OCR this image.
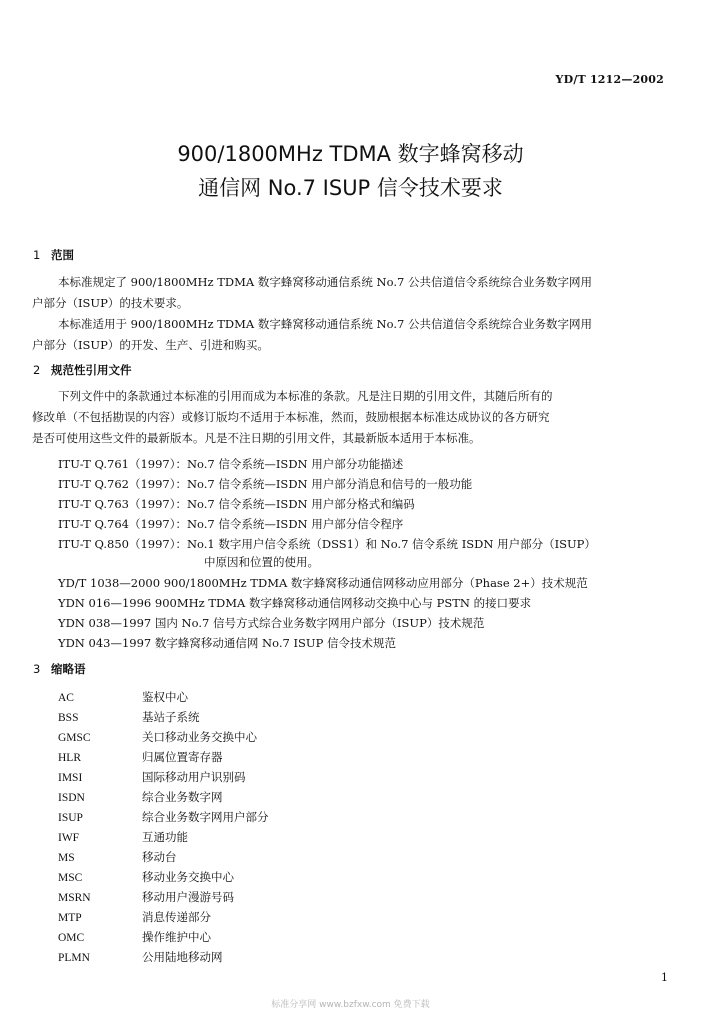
YD/T 1212—2002
900/1800MHz TDMA 数字蜂窝移动
通信网 No.7 ISUP 信令技术要求
1 范围
本标准规定了 900/1800MHz TDMA 数字蜂窝移动通信系统 No.7 公共信道信令系统综合业务数字网用
户部分（ISUP）的技术要求。
本标准适用于 900/1800MHz TDMA 数字蜂窝移动通信系统 No.7 公共信道信令系统综合业务数字网用
户部分（ISUP）的开发、生产、引进和购买。
2 规范性引用文件
下列文件中的条款通过本标准的引用而成为本标准的条款。凡是注日期的引用文件，其随后所有的
修改单（不包括勘误的内容）或修订版均不适用于本标准，然而，鼓励根据本标准达成协议的各方研究
是否可使用这些文件的最新版本。凡是不注日期的引用文件，其最新版本适用于本标准。
ITU-T Q.761（1997）：No.7 信令系统—ISDN 用户部分功能描述
ITU-T Q.762（1997）：No.7 信令系统—ISDN 用户部分消息和信号的一般功能
ITU-T Q.763（1997）：No.7 信令系统—ISDN 用户部分格式和编码
ITU-T Q.764（1997）：No.7 信令系统—ISDN 用户部分信令程序
ITU-T Q.850（1997）：No.1 数字用户信令系统（DSS1）和 No.7 信令系统 ISDN 用户部分（ISUP）
中原因和位置的使用。
YD/T 1038—2000 900/1800MHz TDMA 数字蜂窝移动通信网移动应用部分（Phase 2+）技术规范
YDN 016—1996 900MHz TDMA 数字蜂窝移动通信网移动交换中心与 PSTN 的接口要求
YDN 038—1997 国内 No.7 信号方式综合业务数字网用户部分（ISUP）技术规范
YDN 043—1997 数字蜂窝移动通信网 No.7 ISUP 信令技术规范
3 缩略语
AC	鉴权中心
BSS	基站子系统
GMSC	关口移动业务交换中心
HLR	归属位置寄存器
IMSI	国际移动用户识别码
ISDN	综合业务数字网
ISUP	综合业务数字网用户部分
IWF	互通功能
MS	移动台
MSC	移动业务交换中心
MSRN	移动用户漫游号码
MTP	消息传递部分
OMC	操作维护中心
PLMN	公用陆地移动网
1
标准分享网 www.bzfxw.com 免费下载
